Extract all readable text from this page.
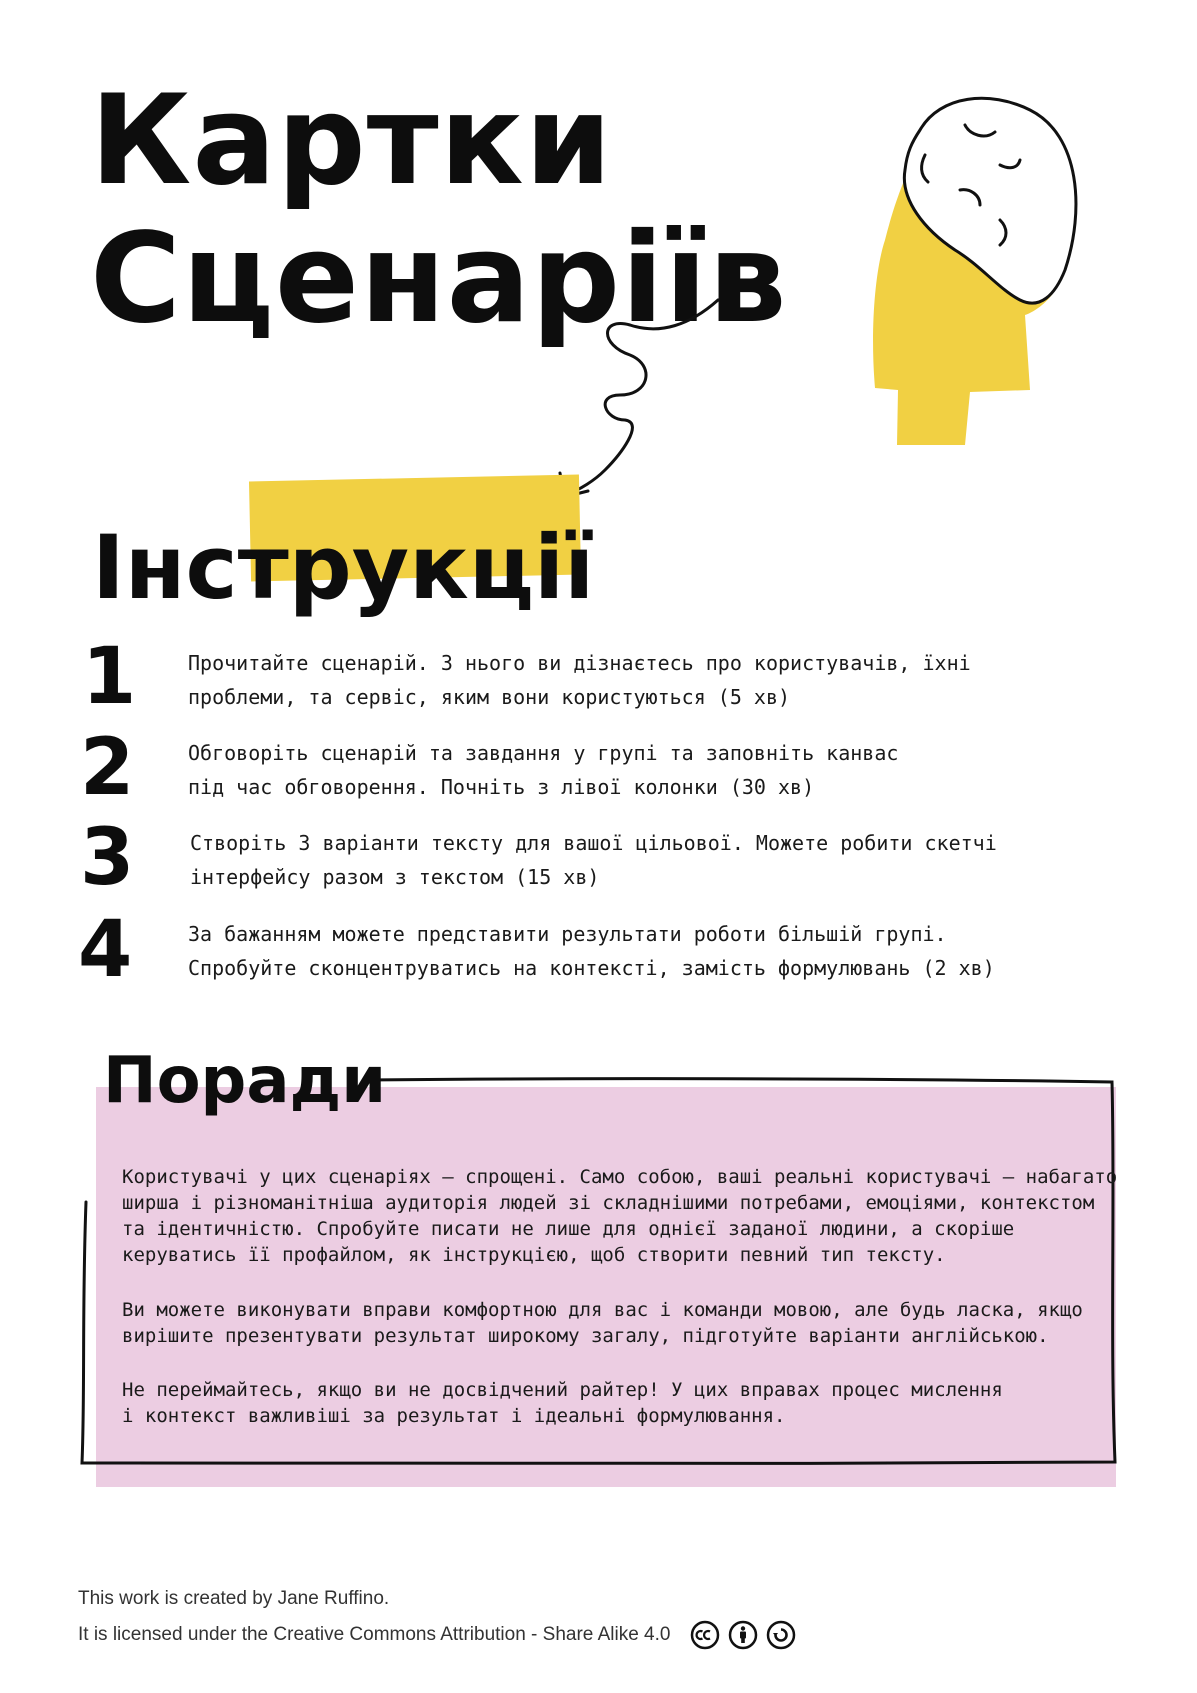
Картки
Сценаріїв
Інструкції
1	Прочитайте сценарій. З нього ви дізнаєтесь про користувачів, їхні
проблеми, та сервіс, яким вони користуються (5 хв)
2	Обговоріть сценарій та завдання у групі та заповніть канвас
під час обговорення. Почніть з лівої колонки (30 хв)
3	Створіть 3 варіанти тексту для вашої цільової. Можете робити скетчі
інтерфейсу разом з текстом (15 хв)
4	За бажанням можете представити результати роботи більшій групі.
Спробуйте сконцентруватись на контексті, замість формулювань (2 хв)
Поради

Користувачі у цих сценаріях – спрощені. Само собою, ваші реальні користувачі – набагато
ширша і різноманітніша аудиторія людей зі складнішими потребами, емоціями, контекстом
та ідентичністю. Спробуйте писати не лише для однієї заданої людини, а скоріше
керуватись її профайлом, як інструкцією, щоб створити певний тип тексту.

Ви можете виконувати вправи комфортною для вас і команди мовою, але будь ласка, якщо
вирішите презентувати результат широкому загалу, підготуйте варіанти англійською.

Не переймайтесь, якщо ви не досвідчений райтер! У цих вправах процес мислення
і контекст важливіші за результат і ідеальні формулювання.

This work is created by Jane Ruffino.
It is licensed under the Creative Commons Attribution - Share Alike 4.0
